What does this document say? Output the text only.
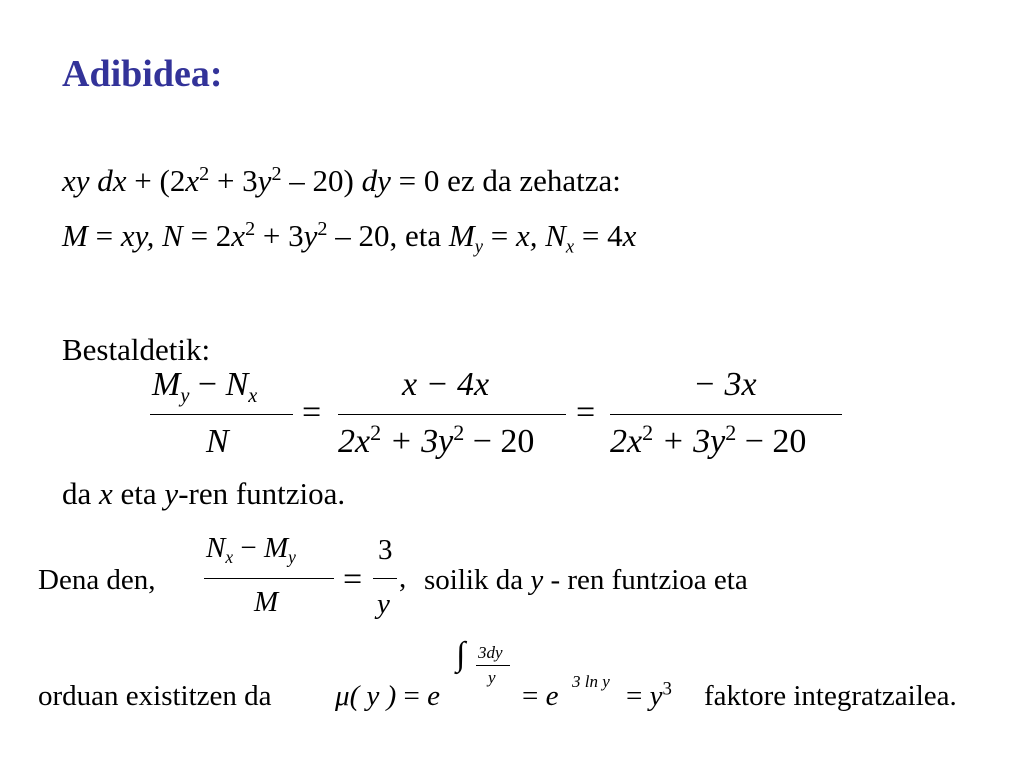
Adibidea:
xy dx + $(2x^2 + 3y^2 - 20)$ dy = 0 ez da zehatza:
M = xy, $N = 2x^2 + 3y^2 - 20$, eta $M_y = x$, $N_x = 4x$
Bestaldetik:
$M_y - N_x$
N
=
x − 4x
$2x^2 + 3y^2 - 20$
=
− 3x
$2x^2 + 3y^2 - 20$
da x eta y-ren funtzioa.
Dena den,
$N_x - M_y$
M
=
3
y
, soilik da y - ren funtzioa eta
orduan existitzen da μ( y ) = e
∫ 3dy
y
= e 3 $\ln y = y^3$ faktore integratzailea.
